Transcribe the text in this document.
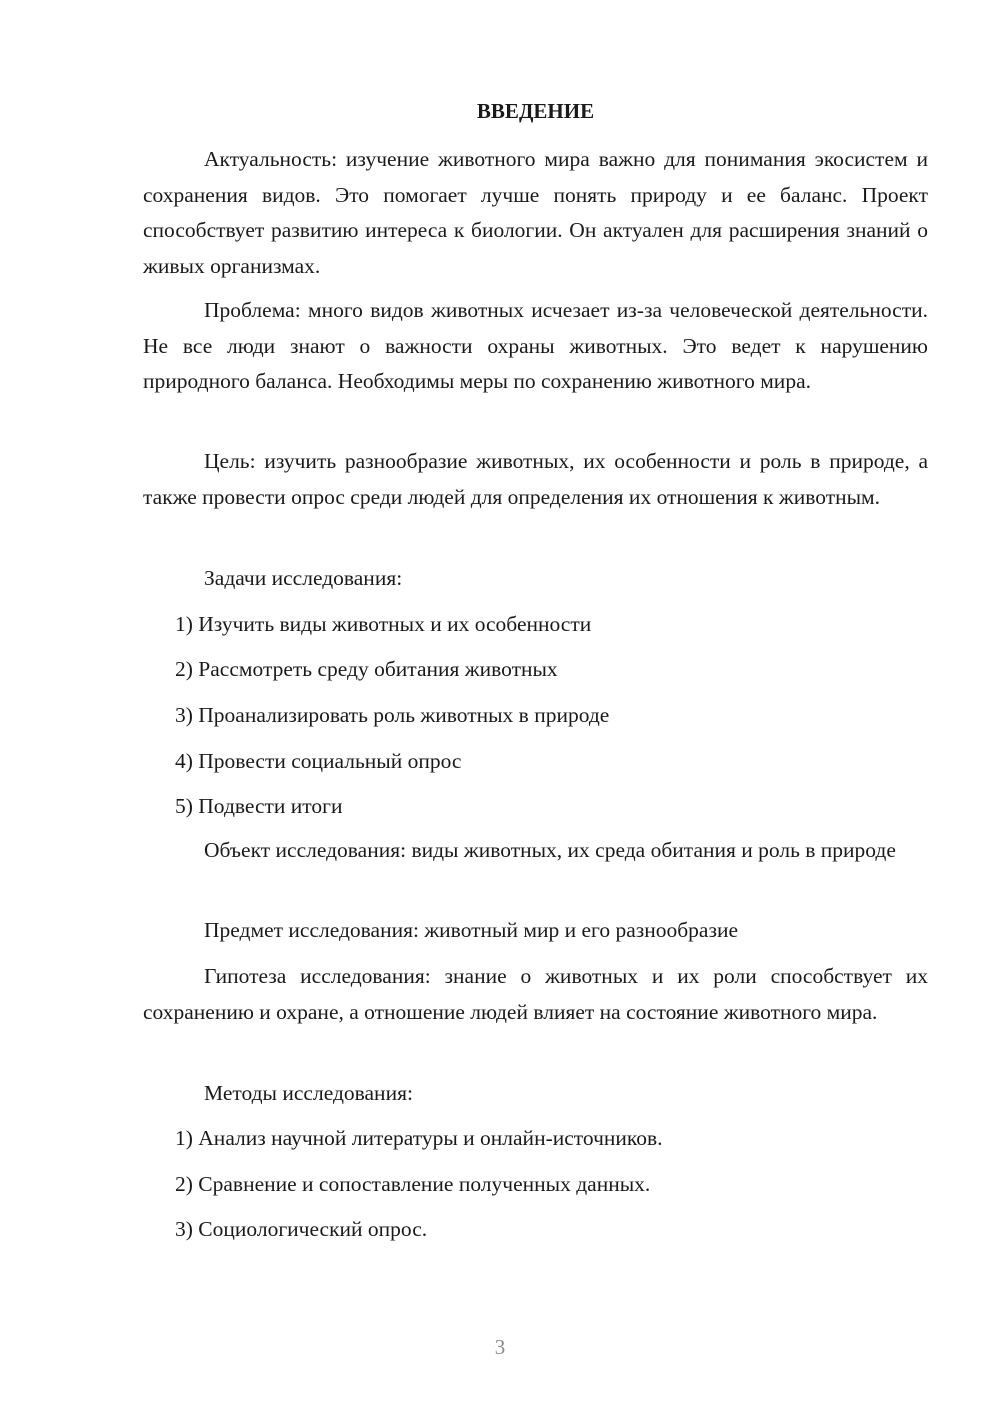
ВВЕДЕНИЕ
Актуальность: изучение животного мира важно для понимания экосистем и сохранения видов. Это помогает лучше понять природу и ее баланс. Проект способствует развитию интереса к биологии. Он актуален для расширения знаний о живых организмах.
Проблема: много видов животных исчезает из-за человеческой деятельности. Не все люди знают о важности охраны животных. Это ведет к нарушению природного баланса. Необходимы меры по сохранению животного мира.
Цель: изучить разнообразие животных, их особенности и роль в природе, а также провести опрос среди людей для определения их отношения к животным.
Задачи исследования:
1) Изучить виды животных и их особенности
2) Рассмотреть среду обитания животных
3) Проанализировать роль животных в природе
4) Провести социальный опрос
5) Подвести итоги
Объект исследования: виды животных, их среда обитания и роль в природе
Предмет исследования: животный мир и его разнообразие
Гипотеза исследования: знание о животных и их роли способствует их сохранению и охране, а отношение людей влияет на состояние животного мира.
Методы исследования:
1) Анализ научной литературы и онлайн-источников.
2) Сравнение и сопоставление полученных данных.
3) Социологический опрос.
3
